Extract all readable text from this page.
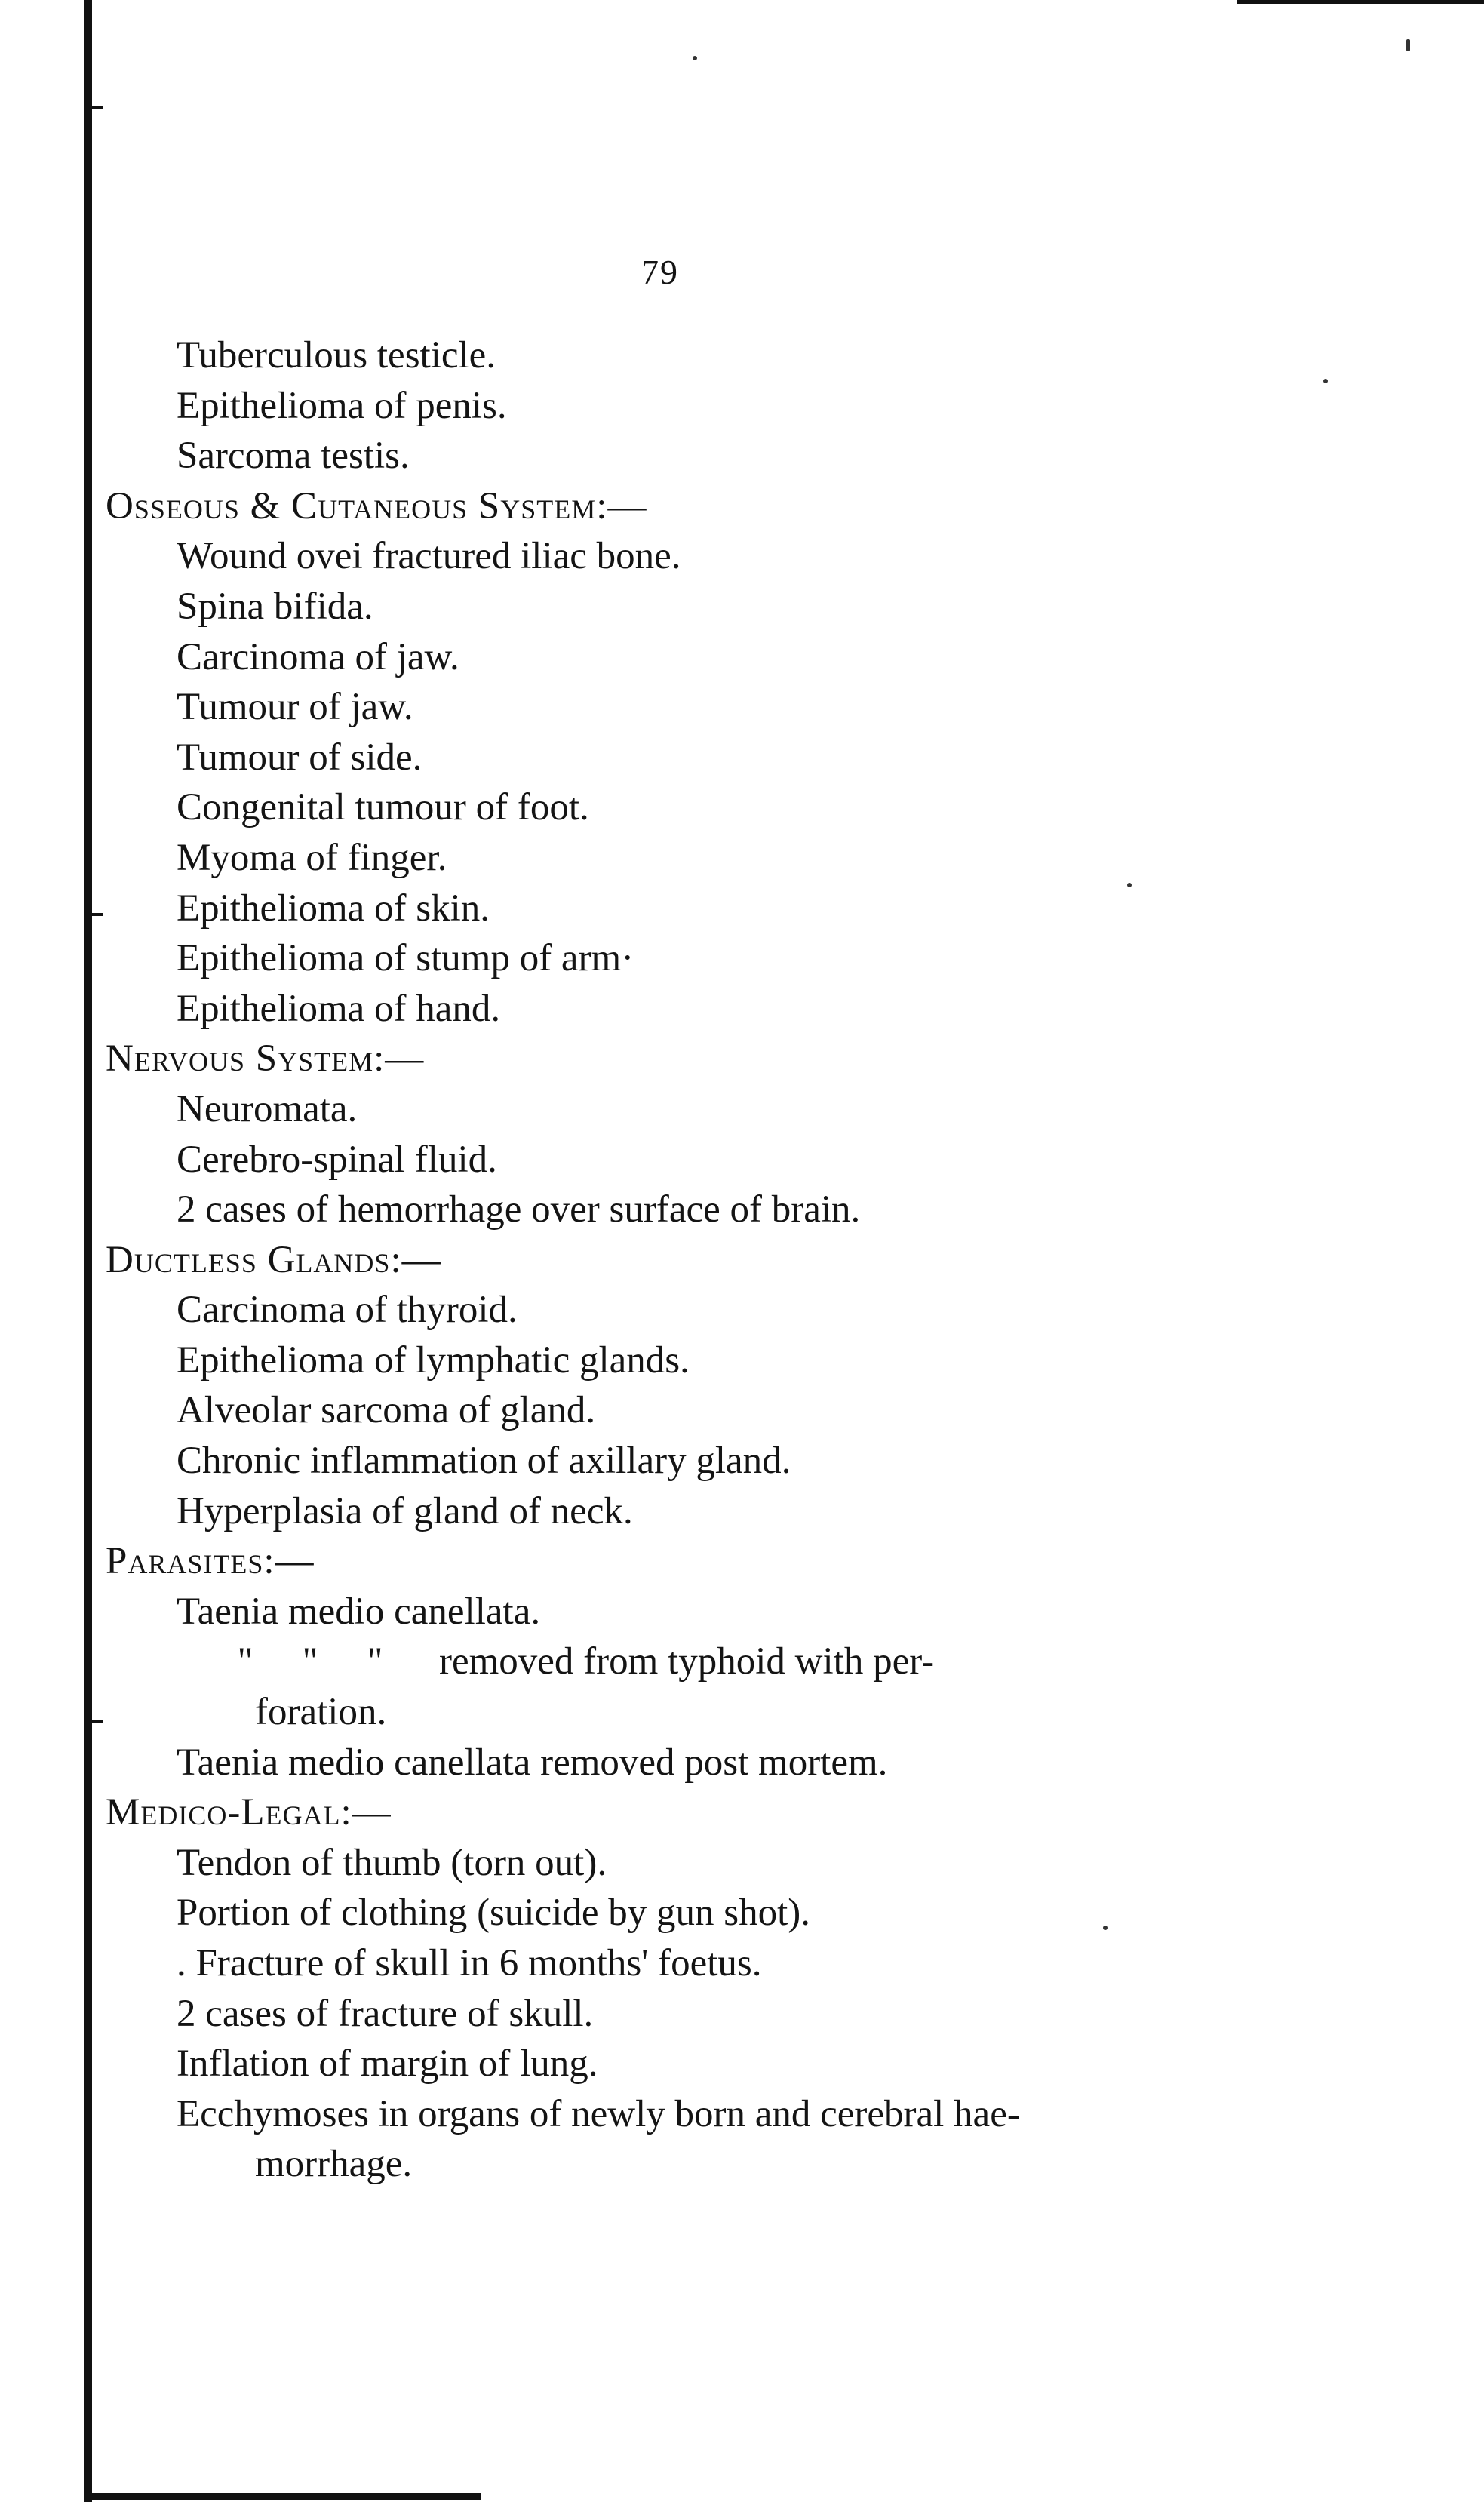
79
Tuberculous testicle.
Epithelioma of penis.
Sarcoma testis.
Osseous & Cutaneous System:—
Wound ovei fractured iliac bone.
Spina bifida.
Carcinoma of jaw.
Tumour of jaw.
Tumour of side.
Congenital tumour of foot.
Myoma of finger.
Epithelioma of skin.
Epithelioma of stump of arm·
Epithelioma of hand.
Nervous System:—
Neuromata.
Cerebro-spinal fluid.
2 cases of hemorrhage over surface of brain.
Ductless Glands:—
Carcinoma of thyroid.
Epithelioma of lymphatic glands.
Alveolar sarcoma of gland.
Chronic inflammation of axillary gland.
Hyperplasia of gland of neck.
Parasites:—
Taenia medio canellata.
" " " removed from typhoid with per-
foration.
Taenia medio canellata removed post mortem.
Medico-Legal:—
Tendon of thumb (torn out).
Portion of clothing (suicide by gun shot).
. Fracture of skull in 6 months' foetus.
2 cases of fracture of skull.
Inflation of margin of lung.
Ecchymoses in organs of newly born and cerebral hae-
morrhage.
